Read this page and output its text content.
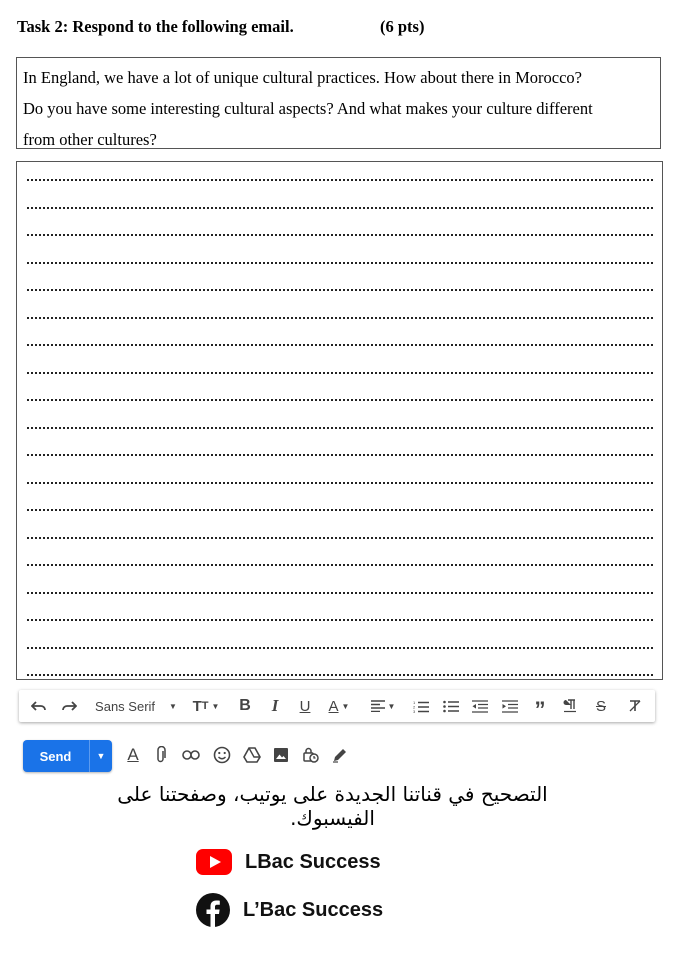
Task 2: Respond to the following email.	(6 pts)
In England, we have a lot of unique cultural practices. How about there in Morocco?
Do you have some interesting cultural aspects? And what makes your culture different
from other cultures?
Sans Serif ▼ T T ▼	B	I	U	A ▼	▼	1
2
3	”	S
Send	▼	A
التصحيح في قناتنا الجديدة على يوتيب، وصفحتنا على الفيسبوك.
LBac Success
L’Bac Success
